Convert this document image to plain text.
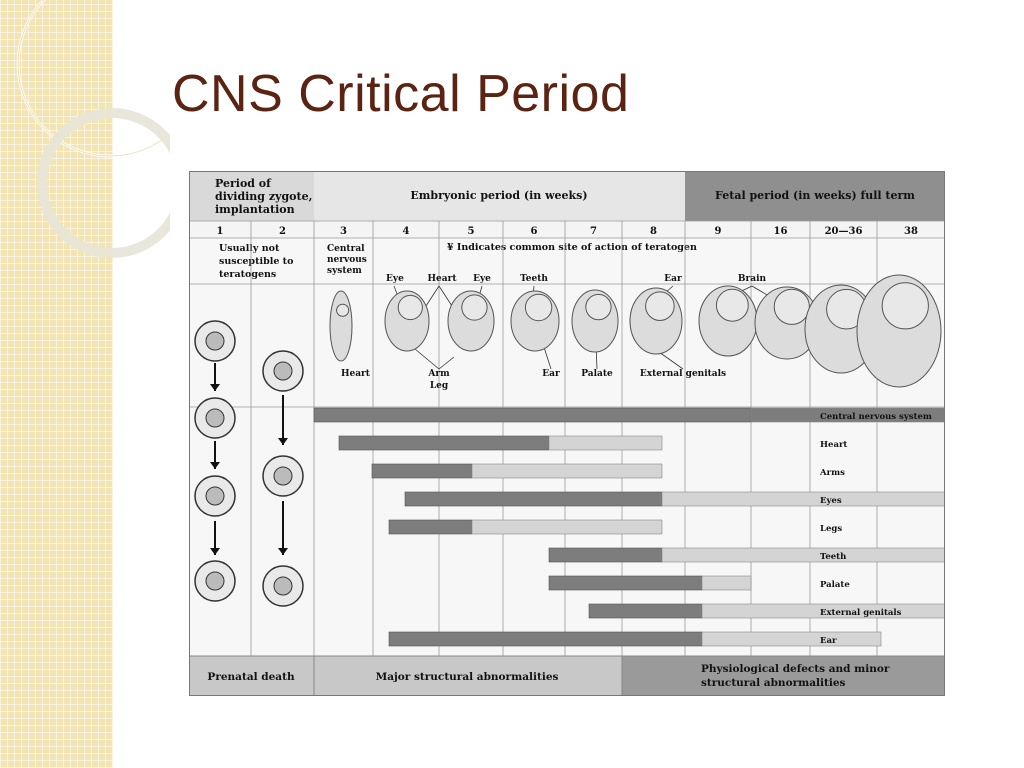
CNS Critical Period
Period of
dividing zygote,
implantation
Embryonic period (in weeks)	Fetal period (in weeks) full term
1	2	3	4	5	6	7	8	9	16	20—36	38
Usually not
susceptible to
teratogens
¥ Indicates common site of action of teratogen
Central
nervous
system
Heart
Eye	Heart Eye	Teeth	Ear	Brain
Arm
Leg
Ear Palate	External genitals
Central nervous system
Heart
Arms
Eyes
Legs
Teeth
Palate
External genitals
Ear
Prenatal death	Major structural abnormalities
Physiological defects and minor
structural abnormalities
